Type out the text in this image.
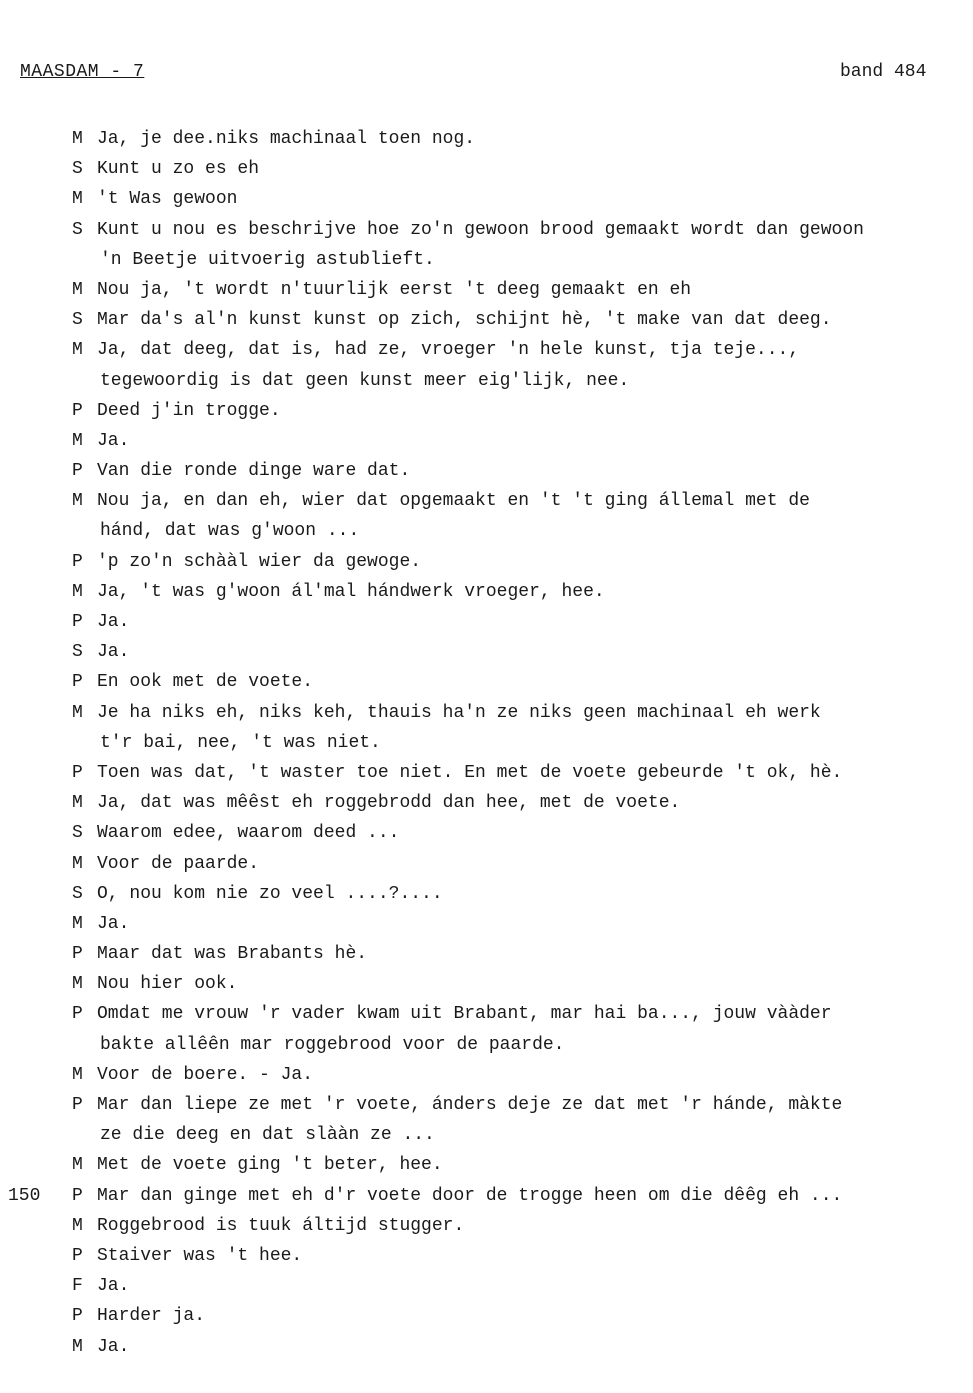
MAASDAM - 7	band 484
M Ja, je dee.niks machinaal toen nog.
S Kunt u zo es eh
M 't Was gewoon
S Kunt u nou es beschrijve hoe zo'n gewoon brood gemaakt wordt dan gewoon
'n Beetje uitvoerig astublieft.
M Nou ja, 't wordt n'tuurlijk eerst 't deeg gemaakt en eh
S Mar da's al'n kunst kunst op zich, schijnt hè, 't make van dat deeg.
M Ja, dat deeg, dat is, had ze, vroeger 'n hele kunst, tja teje...,
tegewoordig is dat geen kunst meer eig'lijk, nee.
P Deed j'in trogge.
M Ja.
P Van die ronde dinge ware dat.
M Nou ja, en dan eh, wier dat opgemaakt en 't 't ging állemal met de
hánd, dat was g'woon ...
P 'p zo'n schààl wier da gewoge.
M Ja, 't was g'woon ál'mal hándwerk vroeger, hee.
P Ja.
S Ja.
P En ook met de voete.
M Je ha niks eh, niks keh, thauis ha'n ze niks geen machinaal eh werk
t'r bai, nee, 't was niet.
P Toen was dat, 't waster toe niet. En met de voete gebeurde 't ok, hè.
M Ja, dat was mêêst eh roggebrodd dan hee, met de voete.
S Waarom edee, waarom deed ...
M Voor de paarde.
S O, nou kom nie zo veel ....?....
M Ja.
P Maar dat was Brabants hè.
M Nou hier ook.
P Omdat me vrouw 'r vader kwam uit Brabant, mar hai ba..., jouw vààder
bakte allêên mar roggebrood voor de paarde.
M Voor de boere. - Ja.
P Mar dan liepe ze met 'r voete, ánders deje ze dat met 'r hánde, màkte
ze die deeg en dat slààn ze ...
M Met de voete ging 't beter, hee.
150 P Mar dan ginge met eh d'r voete door de trogge heen om die dêêg eh ...
M Roggebrood is tuuk áltijd stugger.
P Staiver was 't hee.
F Ja.
P Harder ja.
M Ja.
